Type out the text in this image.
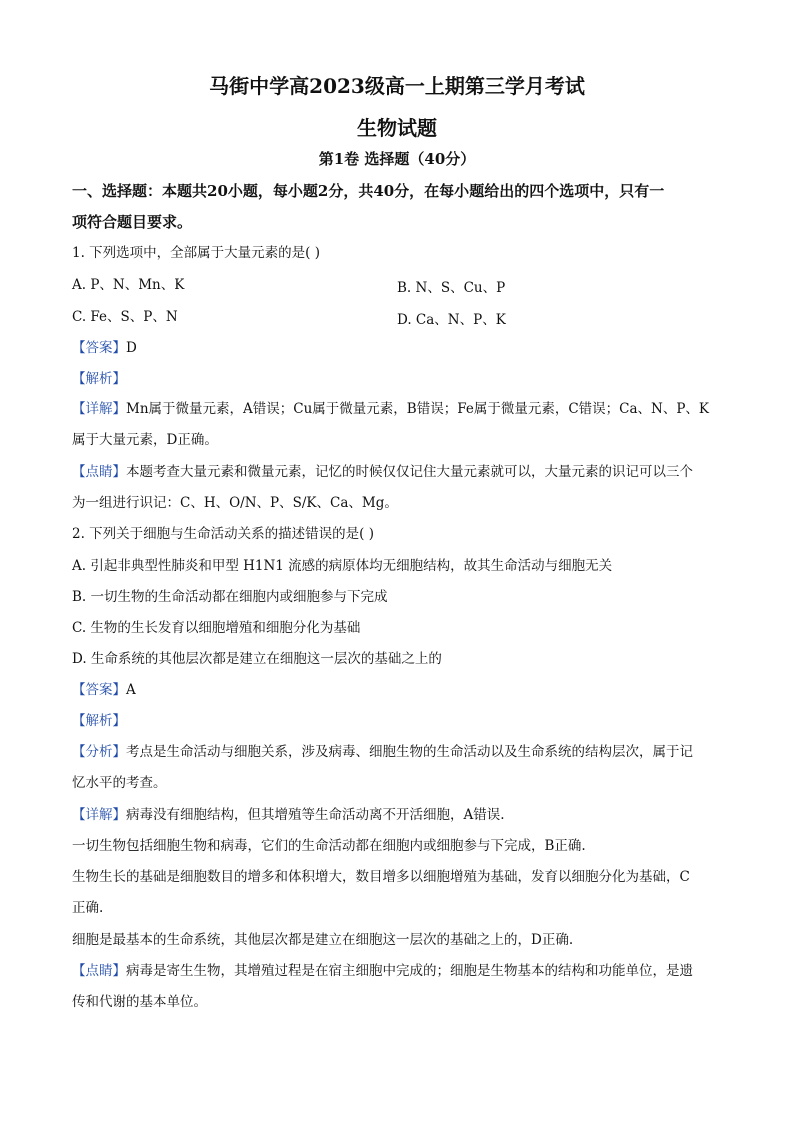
马街中学高2023级高一上期第三学月考试
生物试题
第1卷 选择题（40分）
一、选择题：本题共20小题，每小题2分，共40分，在每小题给出的四个选项中，只有一
项符合题目要求。
1. 下列选项中，全部属于大量元素的是( )
A. P、N、Mn、K	B. N、S、Cu、P
C. Fe、S、P、N	D. Ca、N、P、K
【答案】D
【解析】
【详解】Mn属于微量元素，A错误；Cu属于微量元素，B错误；Fe属于微量元素，C错误；Ca、N、P、K
属于大量元素，D正确。
【点睛】本题考查大量元素和微量元素，记忆的时候仅仅记住大量元素就可以，大量元素的识记可以三个
为一组进行识记：C、H、O/N、P、S/K、Ca、Mg。
2. 下列关于细胞与生命活动关系的描述错误的是( )
A. 引起非典型性肺炎和甲型 H1N1 流感的病原体均无细胞结构，故其生命活动与细胞无关
B. 一切生物的生命活动都在细胞内或细胞参与下完成
C. 生物的生长发育以细胞增殖和细胞分化为基础
D. 生命系统的其他层次都是建立在细胞这一层次的基础之上的
【答案】A
【解析】
【分析】考点是生命活动与细胞关系，涉及病毒、细胞生物的生命活动以及生命系统的结构层次，属于记
忆水平的考查。
【详解】病毒没有细胞结构，但其增殖等生命活动离不开活细胞，A错误.
一切生物包括细胞生物和病毒，它们的生命活动都在细胞内或细胞参与下完成，B正确.
生物生长的基础是细胞数目的增多和体积增大，数目增多以细胞增殖为基础，发育以细胞分化为基础，C
正确.
细胞是最基本的生命系统，其他层次都是建立在细胞这一层次的基础之上的，D正确.
【点睛】病毒是寄生生物，其增殖过程是在宿主细胞中完成的；细胞是生物基本的结构和功能单位，是遗
传和代谢的基本单位。
